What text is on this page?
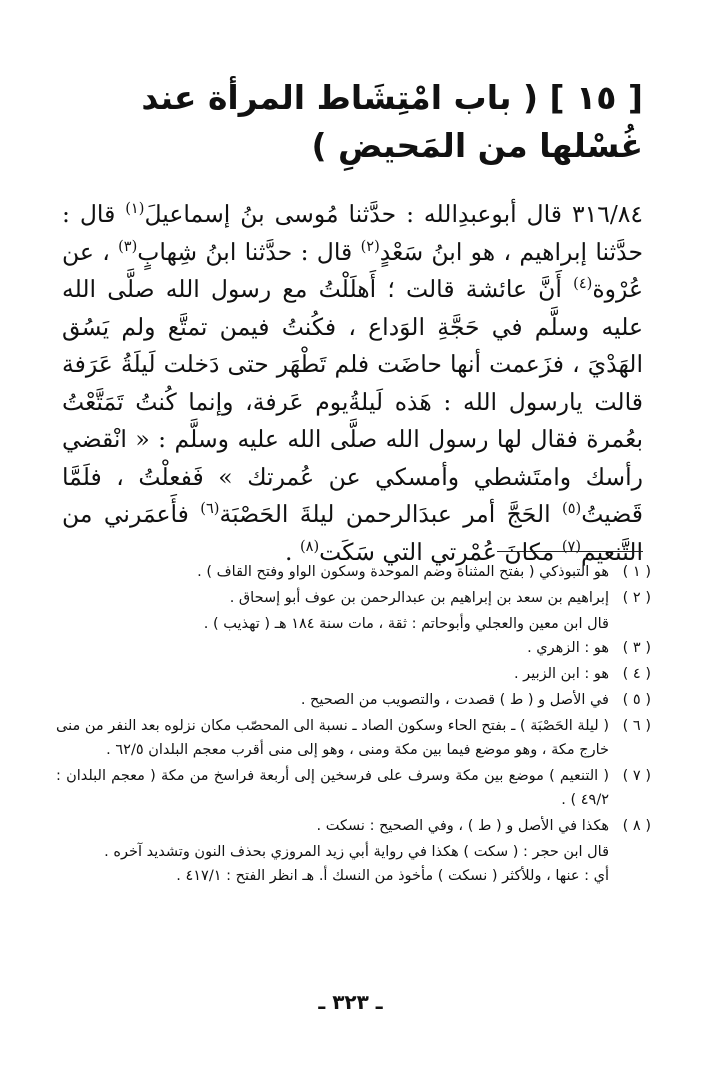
[ ١٥ ] ( باب امْتِشَاط المرأة عند غُسْلها من المَحيضِ )

٣١٦/٨٤ قال أبوعبدِالله : حدَّثنا مُوسى بنُ إسماعيلَ$^{(١)}$ قال : حدَّثنا إبراهيم ، هو ابنُ سَعْدٍ$^{(٢)}$ قال : حدَّثنا ابنُ شِهابٍ$^{(٣)}$ ، عن عُرْوة$^{(٤)}$ أَنَّ عائشة قالت ؛ أَهلَلْتُ مع رسول الله صلَّى الله عليه وسلَّم في حَجَّةِ الوَداع ، فكُنتُ فيمن تمتَّع ولم يَسُق الهَدْيَ ، فزَعمت أنها حاضَت فلم تَطْهَر حتى دَخلت لَيلَةُ عَرَفة قالت يارسول الله : هَذه لَيلةُيوم عَرفة، وإنما كُنتُ تَمَتَّعْتُ بعُمرة فقال لها رسول الله صلَّى الله عليه وسلَّم : « انْقضي رأسك وامتَشطي وأمسكي عن عُمرتك » فَفعلْتُ ، فلَمَّا قَضيتُ$^{(٥)}$ الحَجَّ أمر عبدَالرحمن ليلةَ الحَصْبَة$^{(٦)}$ فأَعمَرني من التَّنعيم$^{(٧)}$ مكانَ عُمْرتي التي سَكَت$^{(٨)}$ .

( ١ )
هو التبوذكي ( بفتح المثناة وضم الموحدة وسكون الواو وفتح القاف ) .
( ٢ )
إبراهيم بن سعد بن إبراهيم بن عبدالرحمن بن عوف أبو إسحاق .
قال ابن معين والعجلي وأبوحاتم : ثقة ، مات سنة ١٨٤ هـ ( تهذيب ) .
( ٣ )
هو : الزهري .
( ٤ )
هو : ابن الزبير .
( ٥ )
في الأصل و ( ط ) قصدت ، والتصويب من الصحيح .
( ٦ )
( ليلة الحَصْبَة ) ـ بفتح الحاء وسكون الصاد ـ نسبة الى المحصّب مكان نزلوه بعد النفر من منى خارج مكة ، وهو موضع فيما بين مكة ومنى ، وهو إلى منى أقرب معجم البلدان ٦٢/٥ .
( ٧ )
( التنعيم ) موضع بين مكة وسرف على فرسخين إلى أربعة فراسخ من مكة ( معجم البلدان : ٤٩/٢ ) .
( ٨ )
هكذا في الأصل و ( ط ) ، وفي الصحيح : نسكت .
قال ابن حجر : ( سكت ) هكذا في رواية أبي زيد المروزي بحذف النون وتشديد آخره .
أي : عنها ، وللأكثر ( نسكت ) مأخوذ من النسك أ. هـ انظر الفتح : ٤١٧/١ .
ـ ٣٢٣ ـ
